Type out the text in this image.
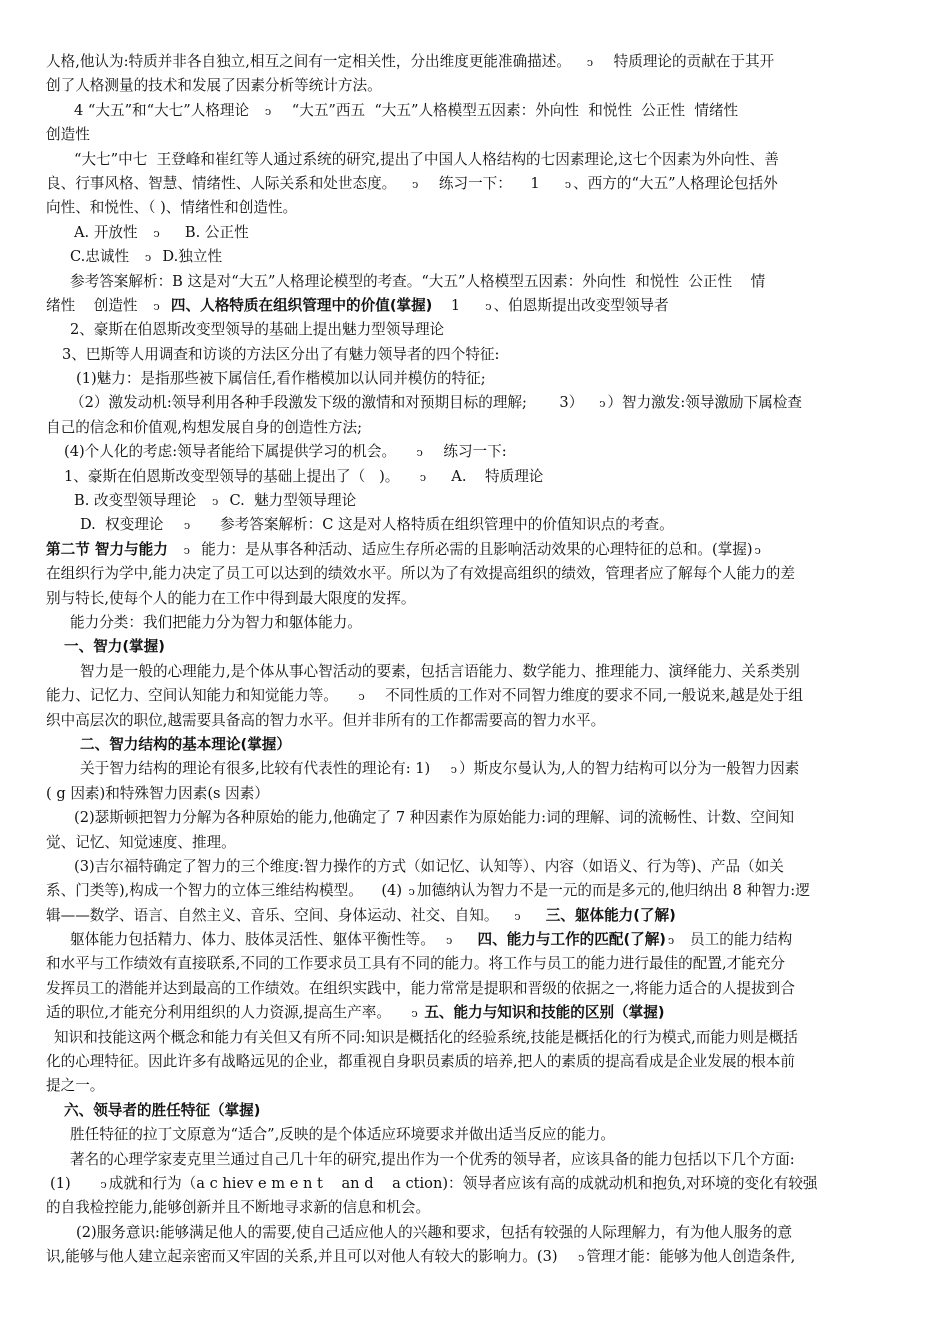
人格,他认为:特质并非各自独立,相互之间有一定相关性，分出维度更能准确描述。   ↄ    特质理论的贡献在于其开
创了人格测量的技术和发展了因素分析等统计方法。
4 “大五”和“大七”人格理论   ↄ    “大五”西五  “大五”人格模型五因素：外向性  和悦性  公正性  情绪性
创造性
“大七”中七  王登峰和崔红等人通过系统的研究,提出了中国人人格结构的七因素理论,这七个因素为外向性、善
良、行事风格、智慧、情绪性、人际关系和处世态度。   ↄ    练习一下：    1     ↄ 、西方的“大五”人格理论包括外
向性、和悦性、（ )、情绪性和创造性。
A. 开放性   ↄ     B. 公正性
C.忠诚性   ↄ  D.独立性
参考答案解析：B 这是对“大五”人格理论模型的考查。“大五”人格模型五因素：外向性  和悦性  公正性    情
绪性    创造性   ↄ 四、人格特质在组织管理中的价值(掌握)    1     ↄ 、伯恩斯提出改变型领导者
2、豪斯在伯恩斯改变型领导的基础上提出魅力型领导理论
3、巴斯等人用调查和访谈的方法区分出了有魅力领导者的四个特征:
(1)魅力：是指那些被下属信任,看作楷模加以认同并模仿的特征;
（2）激发动机:领导利用各种手段激发下级的激情和对预期目标的理解;       3）   ↄ ）智力激发:领导激励下属检查
自己的信念和价值观,构想发展自身的创造性方法;
(4)个人化的考虑:领导者能给下属提供学习的机会。    ↄ    练习一下:
1、豪斯在伯恩斯改变型领导的基础上提出了（   )。    ↄ     A.    特质理论
B. 改变型领导理论   ↄ  C.  魅力型领导理论
D.  权变理论    ↄ      参考答案解析：C 这是对人格特质在组织管理中的价值知识点的考查。
第二节 智力与能力 ↄ  能力：是从事各种活动、适应生存所必需的且影响活动效果的心理特征的总和。(掌握) ↄ
在组织行为学中,能力决定了员工可以达到的绩效水平。所以为了有效提高组织的绩效，管理者应了解每个人能力的差
别与特长,使每个人的能力在工作中得到最大限度的发挥。
能力分类：我们把能力分为智力和躯体能力。
一、智力(掌握)
智力是一般的心理能力,是个体从事心智活动的要素，包括言语能力、数学能力、推理能力、演绎能力、关系类别
能力、记忆力、空间认知能力和知觉能力等。    ↄ    不同性质的工作对不同智力维度的要求不同,一般说来,越是处于组
织中高层次的职位,越需要具备高的智力水平。但并非所有的工作都需要高的智力水平。
二、智力结构的基本理论(掌握）
关于智力结构的理论有很多,比较有代表性的理论有: 1)    ↄ ）斯皮尔曼认为,人的智力结构可以分为一般智力因素
( g 因素)和特殊智力因素(s 因素）
(2)瑟斯顿把智力分解为各种原始的能力,他确定了 7 种因素作为原始能力:词的理解、词的流畅性、计数、空间知
觉、记忆、知觉速度、推理。
(3)吉尔福特确定了智力的三个维度:智力操作的方式（如记忆、认知等）、内容（如语义、行为等)、产品（如关
系、门类等),构成一个智力的立体三维结构模型。    (4) ↄ 加德纳认为智力不是一元的而是多元的,他归纳出 8 种智力:逻
辑——数学、语言、自然主义、音乐、空间、身体运动、社交、自知。   ↄ 三、躯体能力(了解)
躯体能力包括精力、体力、肢体灵活性、躯体平衡性等。  ↄ 四、能力与工作的匹配(了解) ↄ   员工的能力结构
和水平与工作绩效有直接联系,不同的工作要求员工具有不同的能力。将工作与员工的能力进行最佳的配置,才能充分
发挥员工的潜能并达到最高的工作绩效。在组织实践中，能力常常是提职和晋级的依据之一,将能力适合的人提拔到合
适的职位,才能充分利用组织的人力资源,提高生产率。    ↄ 五、能力与知识和技能的区别（掌握)
知识和技能这两个概念和能力有关但又有所不同:知识是概括化的经验系统,技能是概括化的行为模式,而能力则是概括
化的心理特征。因此许多有战略远见的企业，都重视自身职员素质的培养,把人的素质的提高看成是企业发展的根本前
提之一。
六、领导者的胜任特征（掌握)
胜任特征的拉丁文原意为“适合”,反映的是个体适应环境要求并做出适当反应的能力。
著名的心理学家麦克里兰通过自己几十年的研究,提出作为一个优秀的领导者，应该具备的能力包括以下几个方面:
(1)      ↄ 成就和行为（a c hiev e m e n t    an d    a ction)：领导者应该有高的成就动机和抱负,对环境的变化有较强
的自我检控能力,能够创新并且不断地寻求新的信息和机会。
(2)服务意识:能够满足他人的需要,使自己适应他人的兴趣和要求，包括有较强的人际理解力，有为他人服务的意
识,能够与他人建立起亲密而又牢固的关系,并且可以对他人有较大的影响力。(3)    ↄ 管理才能：能够为他人创造条件,
